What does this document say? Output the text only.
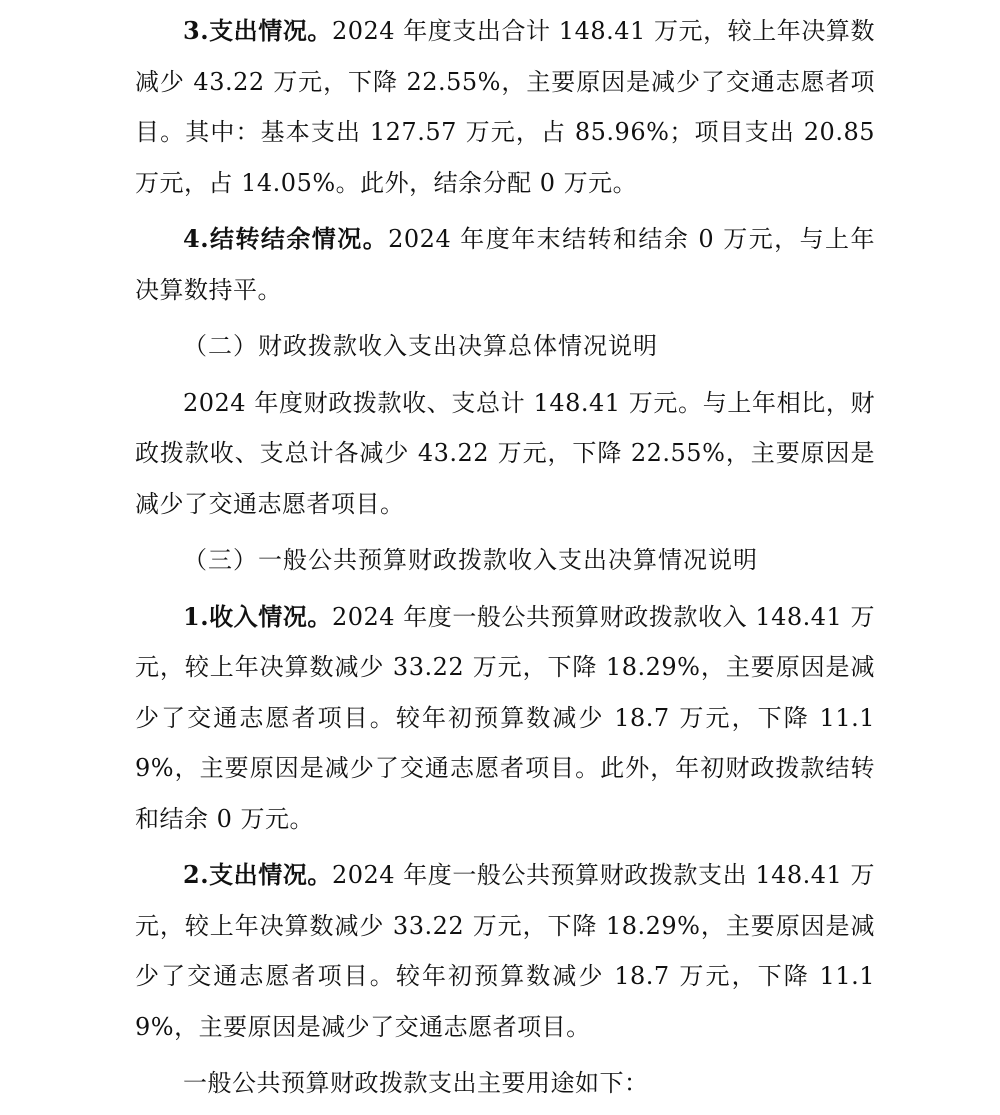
3.支出情况。2024 年度支出合计 148.41 万元，较上年决算数减少 43.22 万元，下降 22.55%，主要原因是减少了交通志愿者项目。其中：基本支出 127.57 万元，占 85.96%；项目支出 20.85 万元，占 14.05%。此外，结余分配 0 万元。

4.结转结余情况。2024 年度年末结转和结余 0 万元，与上年决算数持平。

（二）财政拨款收入支出决算总体情况说明

2024 年度财政拨款收、支总计 148.41 万元。与上年相比，财政拨款收、支总计各减少 43.22 万元，下降 22.55%，主要原因是减少了交通志愿者项目。

（三）一般公共预算财政拨款收入支出决算情况说明

1.收入情况。2024 年度一般公共预算财政拨款收入 148.41 万元，较上年决算数减少 33.22 万元，下降 18.29%，主要原因是减少了交通志愿者项目。较年初预算数减少 18.7 万元，下降 11.19%，主要原因是减少了交通志愿者项目。此外，年初财政拨款结转和结余 0 万元。

2.支出情况。2024 年度一般公共预算财政拨款支出 148.41 万元，较上年决算数减少 33.22 万元，下降 18.29%，主要原因是减少了交通志愿者项目。较年初预算数减少 18.7 万元，下降 11.19%，主要原因是减少了交通志愿者项目。

一般公共预算财政拨款支出主要用途如下：
